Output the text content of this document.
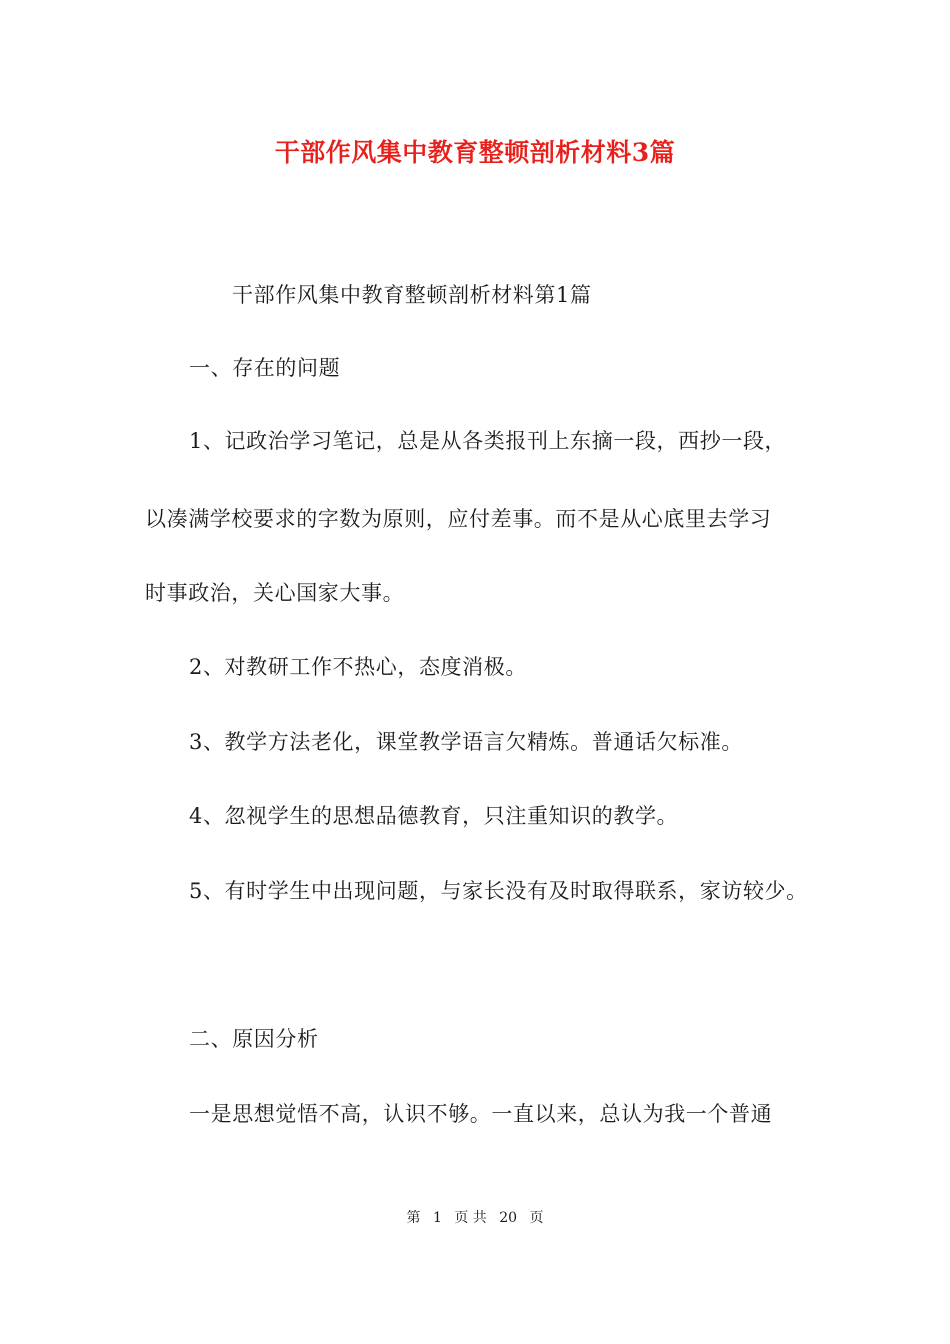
干部作风集中教育整顿剖析材料3篇
干部作风集中教育整顿剖析材料第1篇
一、存在的问题
1、记政治学习笔记，总是从各类报刊上东摘一段，西抄一段，
以凑满学校要求的字数为原则，应付差事。而不是从心底里去学习
时事政治，关心国家大事。
2、对教研工作不热心，态度消极。
3、教学方法老化，课堂教学语言欠精炼。普通话欠标准。
4、忽视学生的思想品德教育，只注重知识的教学。
5、有时学生中出现问题，与家长没有及时取得联系，家访较少。
二、原因分析
一是思想觉悟不高，认识不够。一直以来，总认为我一个普通
第 1 页 共 20 页
